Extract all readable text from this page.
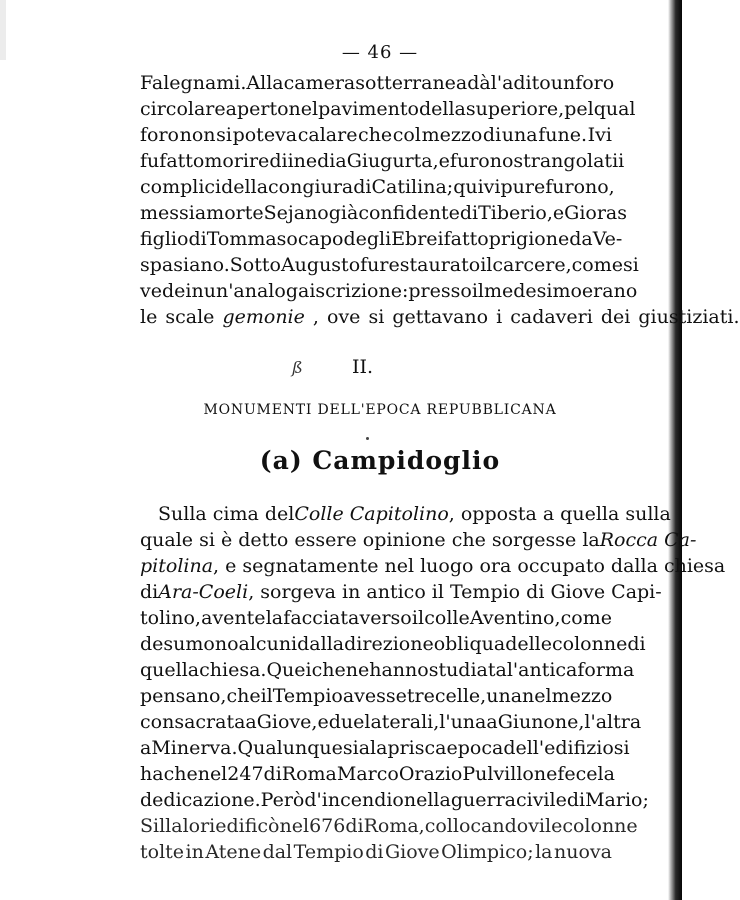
— 46 —
Falegnami. Alla camera sotterranea dà l'adito un foro
circolare aperto nel pavimento della superiore, pel qual
foro non si poteva calare che col mezzo di una fune. Ivi
fu fatto morire di inedia Giugurta, e furono strangolati i
complici della congiura di Catilina; quivi pure furono,
messi a morte Sejano già confidente di Tiberio, e Gioras
figlio di Tommaso capo degli Ebrei fatto prigione da Ve-
spasiano. Sotto Augusto fu restaurato il carcere, come si
vede in un'analoga iscrizione: presso il medesimo erano
le scale gemonie , ove si gettavano i cadaveri dei giustiziati.
ß	II.
MONUMENTI DELL'EPOCA REPUBBLICANA
(a) Campidoglio
Sulla cima del Colle Capitolino , opposta a quella sulla
quale si è detto essere opinione che sorgesse la Rocca Ca-
pitolina , e segnatamente nel luogo ora occupato dalla chiesa
di Ara-Coeli , sorgeva in antico il Tempio di Giove Capi-
tolino, avente la facciata verso il colle Aventino, come
desumono alcuni dalla direzione obliqua delle colonne di
quella chiesa. Quei che ne hanno studiata l'antica forma
pensano, che il Tempio avesse tre celle, una nel mezzo
consacrata a Giove, e due laterali, l'una a Giunone, l'altra
a Minerva. Qualunque sia la prisca epoca dell'edifizio si
ha che nel 247 di Roma Marco Orazio Pulvillo ne fece la
dedicazione. Però d'incendio nella guerra civile di Mario;
Silla lo riedificò nel 676 di Roma, collocandovi le colonne
tolte in Atene dal Tempio di Giove Olimpico; la nuova
